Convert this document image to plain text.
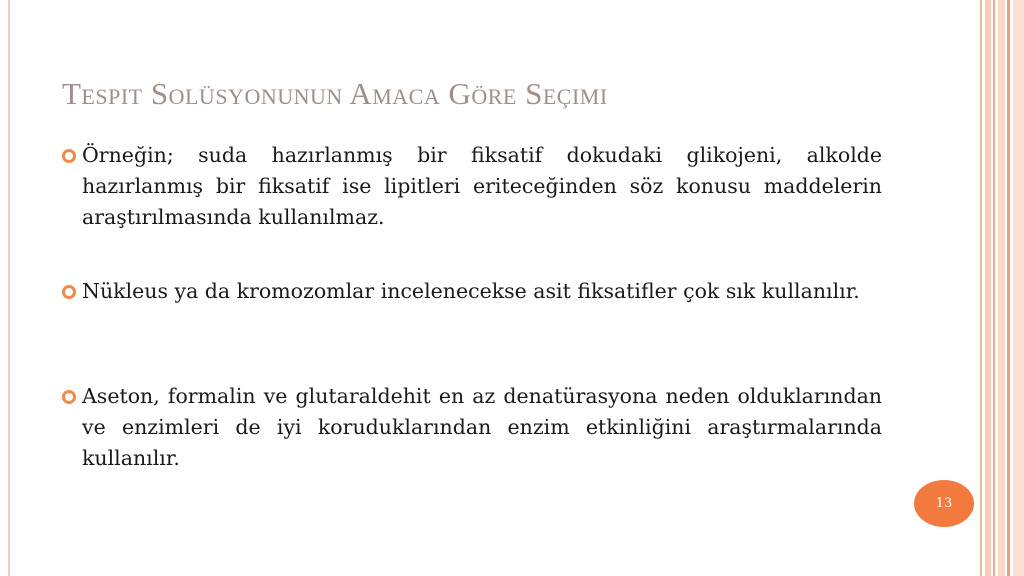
Tespit Solüsyonunun Amaca Göre Seçimi
Örneğin; suda hazırlanmış bir fiksatif dokudaki glikojeni, alkolde hazırlanmış bir fiksatif ise lipitleri eriteceğinden söz konusu maddelerin araştırılmasında kullanılmaz.
Nükleus ya da kromozomlar incelenecekse asit fiksatifler çok sık kullanılır.
Aseton, formalin ve glutaraldehit en az denatürasyona neden olduklarından ve enzimleri de iyi koruduklarından enzim etkinliğini araştırmalarında kullanılır.
13
